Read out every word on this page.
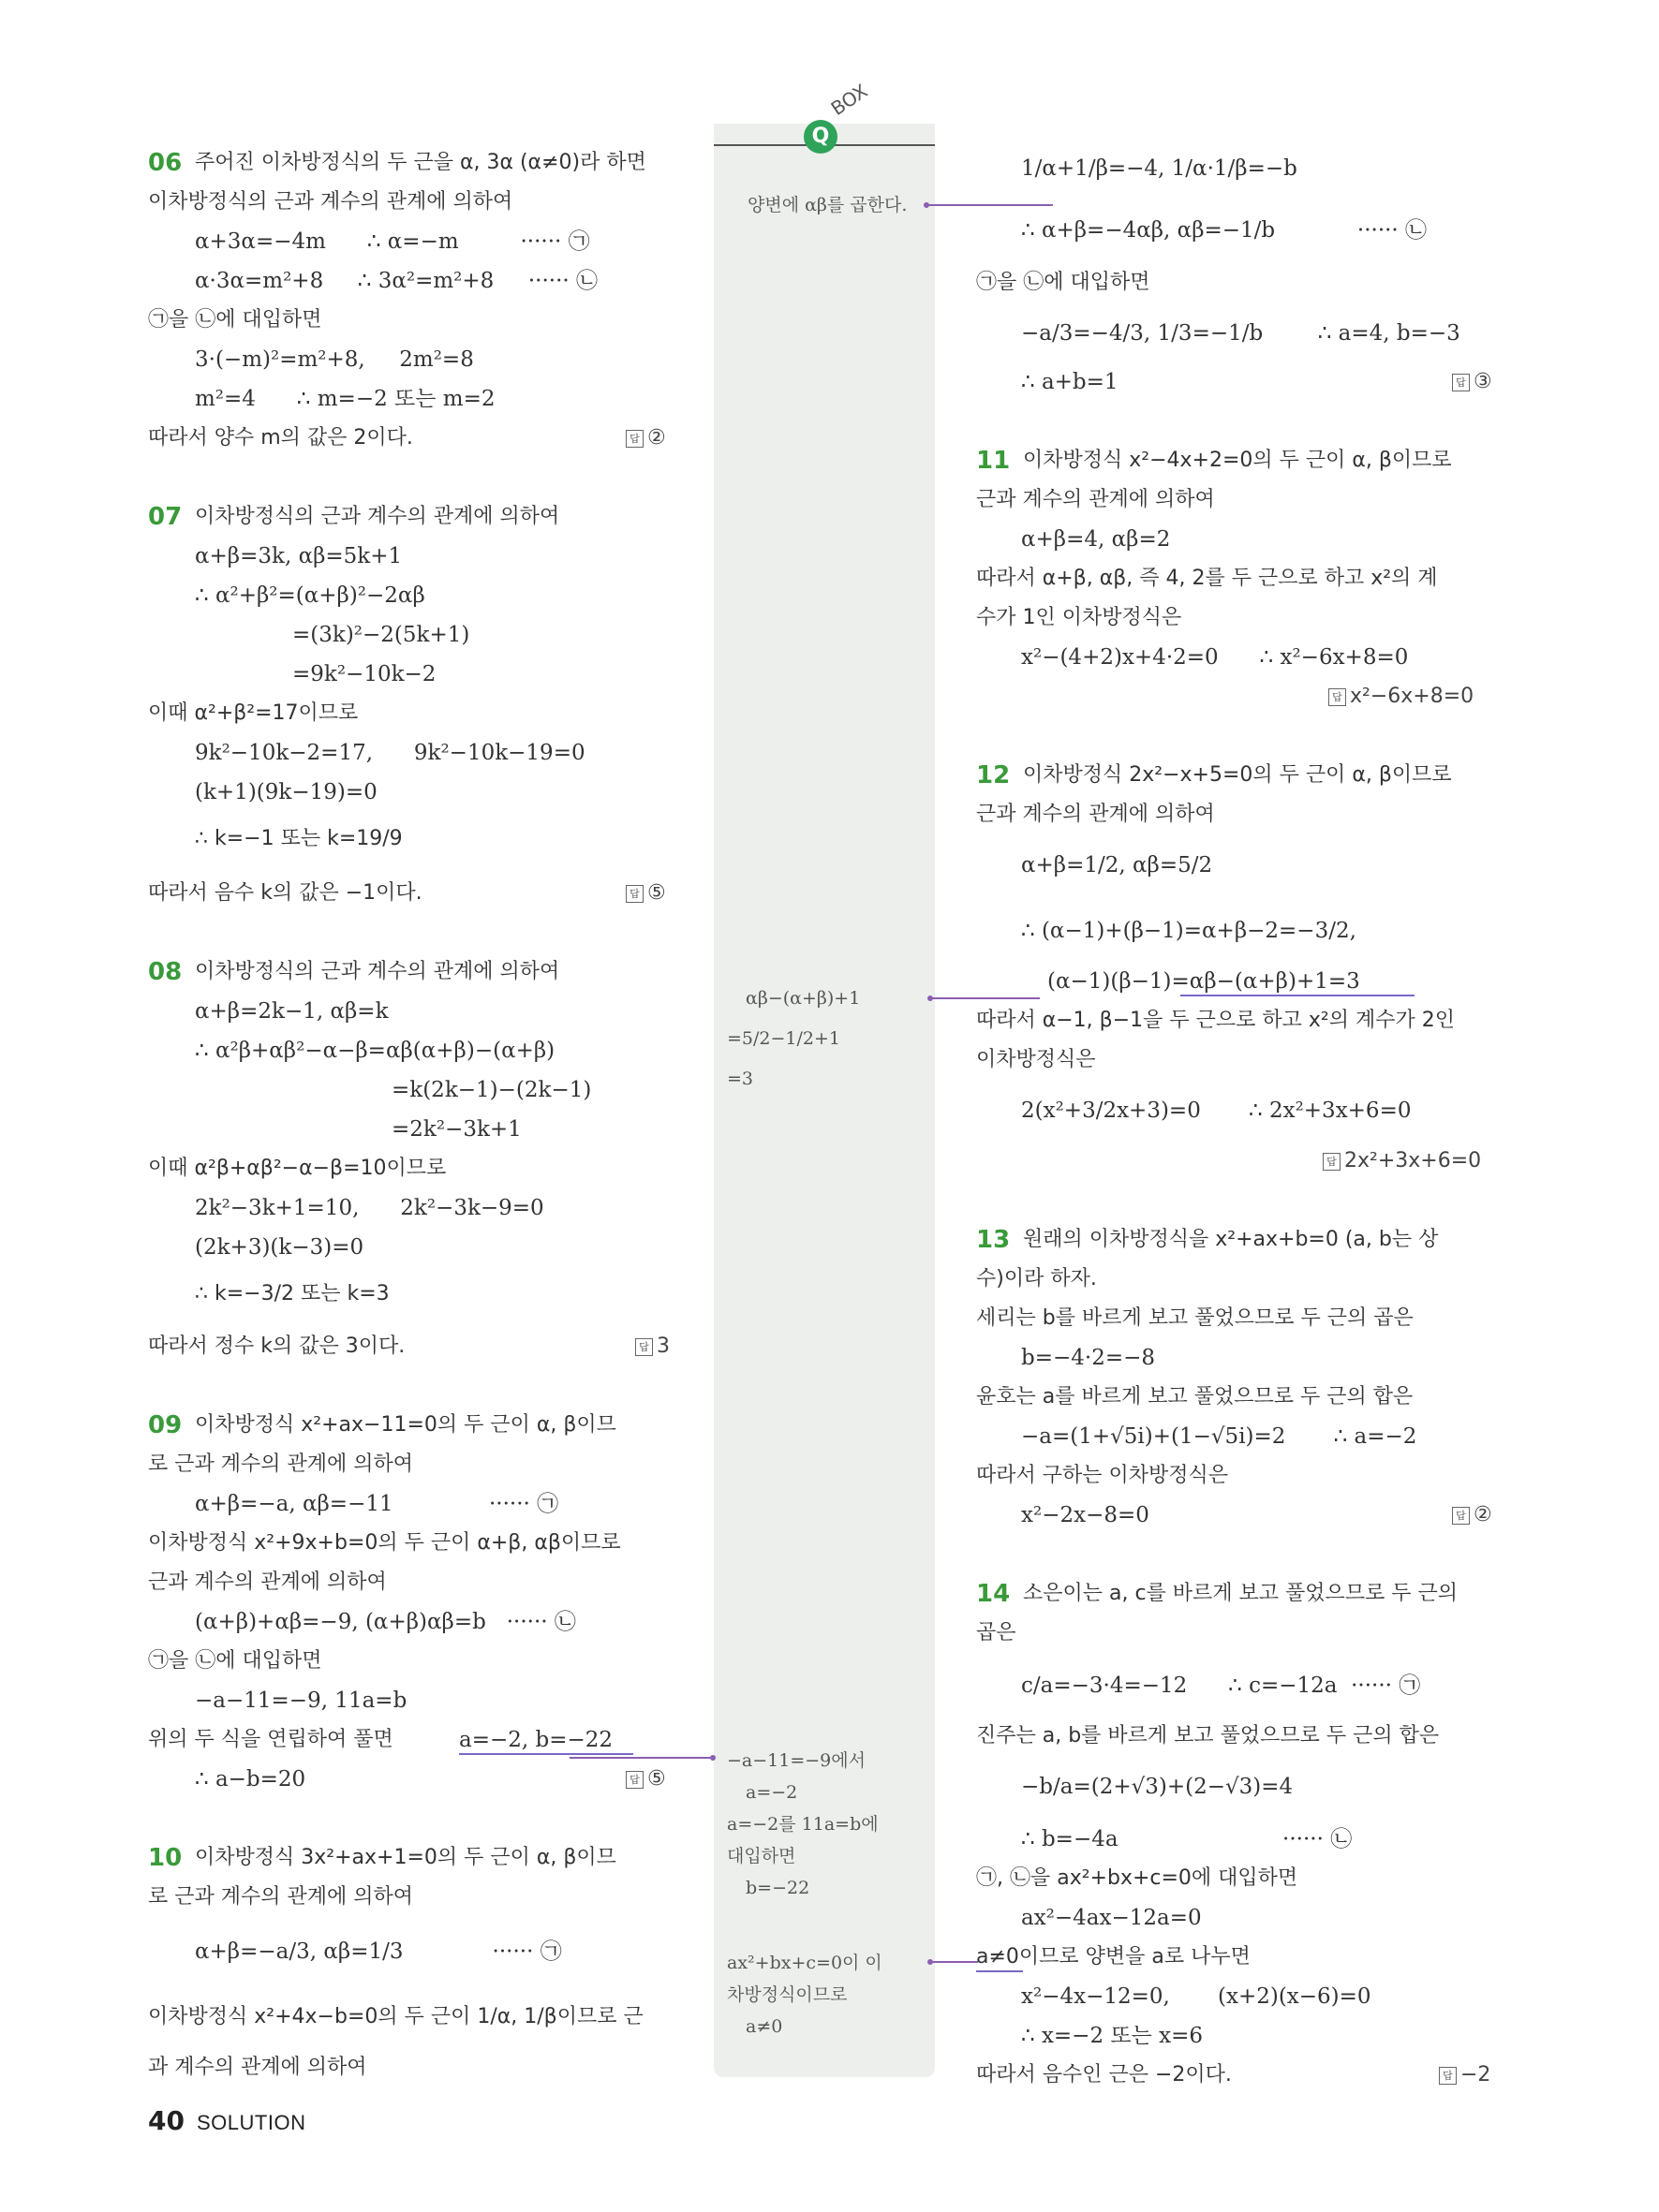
Q
BOX
양변에 αβ를 곱한다.
αβ−(α+β)+1
=5/2−1/2+1
=3
−a−11=−9에서
a=−2
a=−2를 11a=b에
대입하면
b=−22
ax²+bx+c=0이 이
차방정식이므로
a≠0
06 주어진 이차방정식의 두 근을 α, 3α (α≠0)라 하면
이차방정식의 근과 계수의 관계에 의하여
α+3α=−4m      ∴ α=−m         ······ ㉠
α·3α=m²+8     ∴ 3α²=m²+8     ······ ㉡
㉠을 ㉡에 대입하면
3·(−m)²=m²+8,     2m²=8
m²=4      ∴ m=−2 또는 m=2
따라서 양수 m의 값은 2이다.	답 ②
07 이차방정식의 근과 계수의 관계에 의하여
α+β=3k, αβ=5k+1
∴ α²+β²=(α+β)²−2αβ
=(3k)²−2(5k+1)
=9k²−10k−2
이때 α²+β²=17이므로
9k²−10k−2=17,      9k²−10k−19=0
(k+1)(9k−19)=0
∴ k=−1 또는 k=19/9
따라서 음수 k의 값은 −1이다.	답 ⑤
08 이차방정식의 근과 계수의 관계에 의하여
α+β=2k−1, αβ=k
∴ α²β+αβ²−α−β=αβ(α+β)−(α+β)
=k(2k−1)−(2k−1)
=2k²−3k+1
이때 α²β+αβ²−α−β=10이므로
2k²−3k+1=10,      2k²−3k−9=0
(2k+3)(k−3)=0
∴ k=−3/2 또는 k=3
따라서 정수 k의 값은 3이다.	답 3
09 이차방정식 x²+ax−11=0의 두 근이 α, β이므
로 근과 계수의 관계에 의하여
α+β=−a, αβ=−11              ······ ㉠
이차방정식 x²+9x+b=0의 두 근이 α+β, αβ이므로
근과 계수의 관계에 의하여
(α+β)+αβ=−9, (α+β)αβ=b   ······ ㉡
㉠을 ㉡에 대입하면
−a−11=−9, 11a=b
위의 두 식을 연립하여 풀면	a=−2, b=−22
∴ a−b=20	답 ⑤
10 이차방정식 3x²+ax+1=0의 두 근이 α, β이므
로 근과 계수의 관계에 의하여
α+β=−a/3, αβ=1/3             ······ ㉠
이차방정식 x²+4x−b=0의 두 근이 1/α, 1/β이므로 근
과 계수의 관계에 의하여
1/α+1/β=−4, 1/α·1/β=−b
∴ α+β=−4αβ, αβ=−1/b            ······ ㉡
㉠을 ㉡에 대입하면
−a/3=−4/3, 1/3=−1/b        ∴ a=4, b=−3
∴ a+b=1	답 ③
11 이차방정식 x²−4x+2=0의 두 근이 α, β이므로
근과 계수의 관계에 의하여
α+β=4, αβ=2
따라서 α+β, αβ, 즉 4, 2를 두 근으로 하고 x²의 계
수가 1인 이차방정식은
x²−(4+2)x+4·2=0      ∴ x²−6x+8=0
답 x²−6x+8=0
12 이차방정식 2x²−x+5=0의 두 근이 α, β이므로
근과 계수의 관계에 의하여
α+β=1/2, αβ=5/2
∴ (α−1)+(β−1)=α+β−2=−3/2,
(α−1)(β−1)=αβ−(α+β)+1=3
따라서 α−1, β−1을 두 근으로 하고 x²의 계수가 2인
이차방정식은
2(x²+3/2x+3)=0       ∴ 2x²+3x+6=0
답 2x²+3x+6=0
13 원래의 이차방정식을 x²+ax+b=0 (a, b는 상
수)이라 하자.
세리는 b를 바르게 보고 풀었으므로 두 근의 곱은
b=−4·2=−8
윤호는 a를 바르게 보고 풀었으므로 두 근의 합은
−a=(1+√5i)+(1−√5i)=2       ∴ a=−2
따라서 구하는 이차방정식은
x²−2x−8=0	답 ②
14 소은이는 a, c를 바르게 보고 풀었으므로 두 근의
곱은
c/a=−3·4=−12      ∴ c=−12a  ······ ㉠
진주는 a, b를 바르게 보고 풀었으므로 두 근의 합은
−b/a=(2+√3)+(2−√3)=4
∴ b=−4a                        ······ ㉡
㉠, ㉡을 ax²+bx+c=0에 대입하면
ax²−4ax−12a=0
a≠0이므로 양변을 a로 나누면
x²−4x−12=0,       (x+2)(x−6)=0
∴ x=−2 또는 x=6
따라서 음수인 근은 −2이다.	답 −2
40 SOLUTION
